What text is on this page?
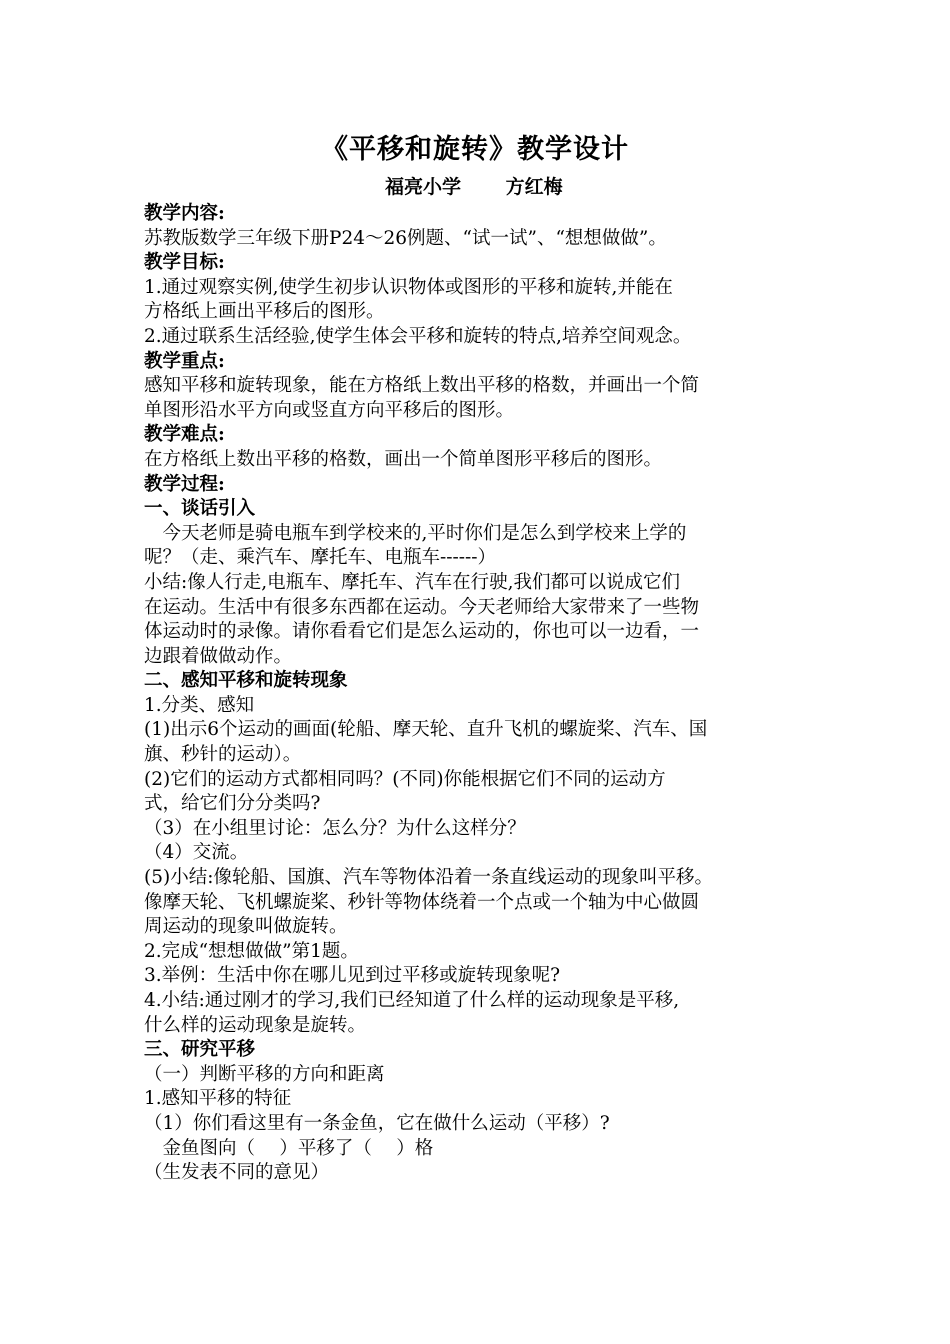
《平移和旋转》教学设计
福亮小学　　 方红梅
教学内容:
苏教版数学三年级下册P24～26例题、“试一试”、“想想做做”。
教学目标:
1.通过观察实例,使学生初步认识物体或图形的平移和旋转,并能在
方格纸上画出平移后的图形。
2.通过联系生活经验,使学生体会平移和旋转的特点,培养空间观念。
教学重点:
感知平移和旋转现象，能在方格纸上数出平移的格数，并画出一个简
单图形沿水平方向或竖直方向平移后的图形。
教学难点:
在方格纸上数出平移的格数，画出一个简单图形平移后的图形。
教学过程:
一、谈话引入
　今天老师是骑电瓶车到学校来的,平时你们是怎么到学校来上学的
呢？（走、乘汽车、摩托车、电瓶车------）
小结:像人行走,电瓶车、摩托车、汽车在行驶,我们都可以说成它们
在运动。生活中有很多东西都在运动。今天老师给大家带来了一些物
体运动时的录像。请你看看它们是怎么运动的，你也可以一边看，一
边跟着做做动作。
二、感知平移和旋转现象
1.分类、感知
(1)出示6个运动的画面(轮船、摩天轮、直升飞机的螺旋桨、汽车、国
旗、秒针的运动）。
(2)它们的运动方式都相同吗？(不同)你能根据它们不同的运动方
式，给它们分分类吗?
（3）在小组里讨论：怎么分？为什么这样分？
（4）交流。
(5)小结:像轮船、国旗、汽车等物体沿着一条直线运动的现象叫平移。
像摩天轮、飞机螺旋桨、秒针等物体绕着一个点或一个轴为中心做圆
周运动的现象叫做旋转。
2.完成“想想做做”第1题。
3.举例：生活中你在哪儿见到过平移或旋转现象呢?
4.小结:通过刚才的学习,我们已经知道了什么样的运动现象是平移,
什么样的运动现象是旋转。
三、研究平移
（一）判断平移的方向和距离
1.感知平移的特征
（1）你们看这里有一条金鱼，它在做什么运动（平移）?
　金鱼图向（　 ）平移了（　 ）格
（生发表不同的意见）
